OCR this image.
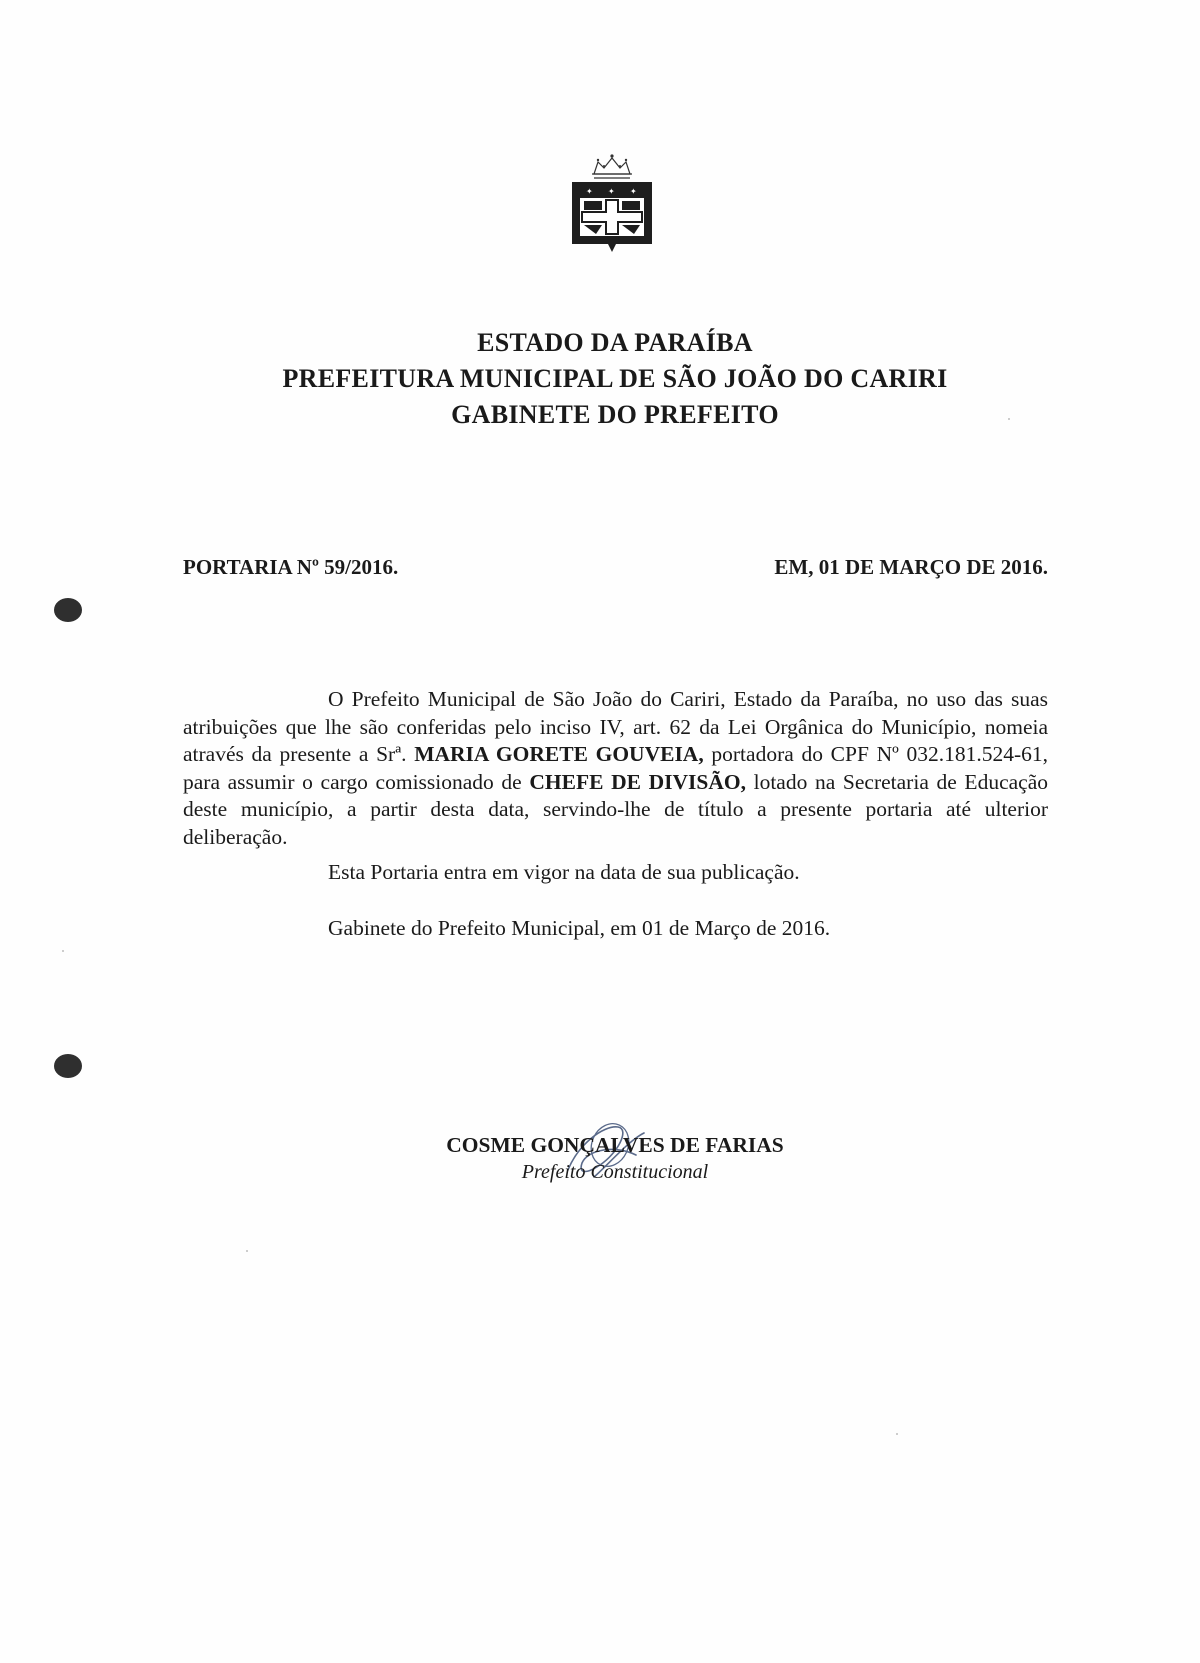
✦ ✦ ✦
ESTADO DA PARAÍBA
PREFEITURA MUNICIPAL DE SÃO JOÃO DO CARIRI
GABINETE DO PREFEITO
PORTARIA Nº 59/2016.	EM, 01 DE MARÇO DE 2016.

O Prefeito Municipal de São João do Cariri, Estado da Paraíba, no uso das suas atribuições que lhe são conferidas pelo inciso IV, art. 62 da Lei Orgânica do Município, nomeia através da presente a Srª. MARIA GORETE GOUVEIA, portadora do CPF Nº 032.181.524-61, para assumir o cargo comissionado de CHEFE DE DIVISÃO, lotado na Secretaria de Educação deste município, a partir desta data, servindo-lhe de título a presente portaria até ulterior deliberação.

Esta Portaria entra em vigor na data de sua publicação.
Gabinete do Prefeito Municipal, em 01 de Março de 2016.
COSME GONÇALVES DE FARIAS
Prefeito Constitucional
